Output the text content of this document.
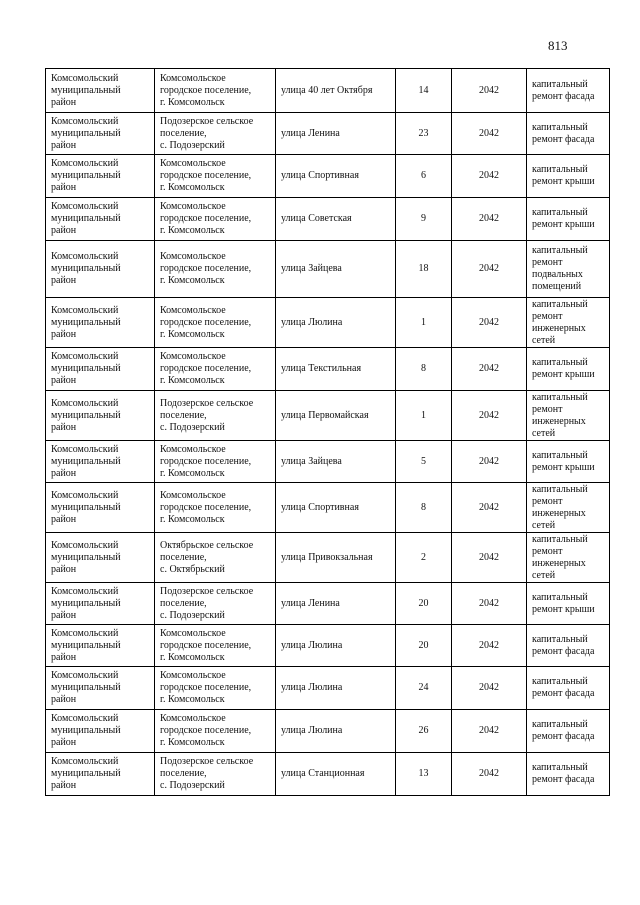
813
Комсомольский
муниципальный
район	Комсомольское
городское поселение,
г. Комсомольск	улица 40 лет Октября	14	2042	капитальный
ремонт фасада
Комсомольский
муниципальный
район	Подозерское сельское
поселение,
с. Подозерский	улица Ленина	23	2042	капитальный
ремонт фасада
Комсомольский
муниципальный
район	Комсомольское
городское поселение,
г. Комсомольск	улица Спортивная	6	2042	капитальный
ремонт крыши
Комсомольский
муниципальный
район	Комсомольское
городское поселение,
г. Комсомольск	улица Советская	9	2042	капитальный
ремонт крыши
Комсомольский
муниципальный
район	Комсомольское
городское поселение,
г. Комсомольск	улица Зайцева	18	2042	капитальный
ремонт
подвальных
помещений
Комсомольский
муниципальный
район	Комсомольское
городское поселение,
г. Комсомольск	улица Люлина	1	2042	капитальный
ремонт
инженерных
сетей
Комсомольский
муниципальный
район	Комсомольское
городское поселение,
г. Комсомольск	улица Текстильная	8	2042	капитальный
ремонт крыши
Комсомольский
муниципальный
район	Подозерское сельское
поселение,
с. Подозерский	улица Первомайская	1	2042	капитальный
ремонт
инженерных
сетей
Комсомольский
муниципальный
район	Комсомольское
городское поселение,
г. Комсомольск	улица Зайцева	5	2042	капитальный
ремонт крыши
Комсомольский
муниципальный
район	Комсомольское
городское поселение,
г. Комсомольск	улица Спортивная	8	2042	капитальный
ремонт
инженерных
сетей
Комсомольский
муниципальный
район	Октябрьское сельское
поселение,
с. Октябрьский	улица Привокзальная	2	2042	капитальный
ремонт
инженерных
сетей
Комсомольский
муниципальный
район	Подозерское сельское
поселение,
с. Подозерский	улица Ленина	20	2042	капитальный
ремонт крыши
Комсомольский
муниципальный
район	Комсомольское
городское поселение,
г. Комсомольск	улица Люлина	20	2042	капитальный
ремонт фасада
Комсомольский
муниципальный
район	Комсомольское
городское поселение,
г. Комсомольск	улица Люлина	24	2042	капитальный
ремонт фасада
Комсомольский
муниципальный
район	Комсомольское
городское поселение,
г. Комсомольск	улица Люлина	26	2042	капитальный
ремонт фасада
Комсомольский
муниципальный
район	Подозерское сельское
поселение,
с. Подозерский	улица Станционная	13	2042	капитальный
ремонт фасада
